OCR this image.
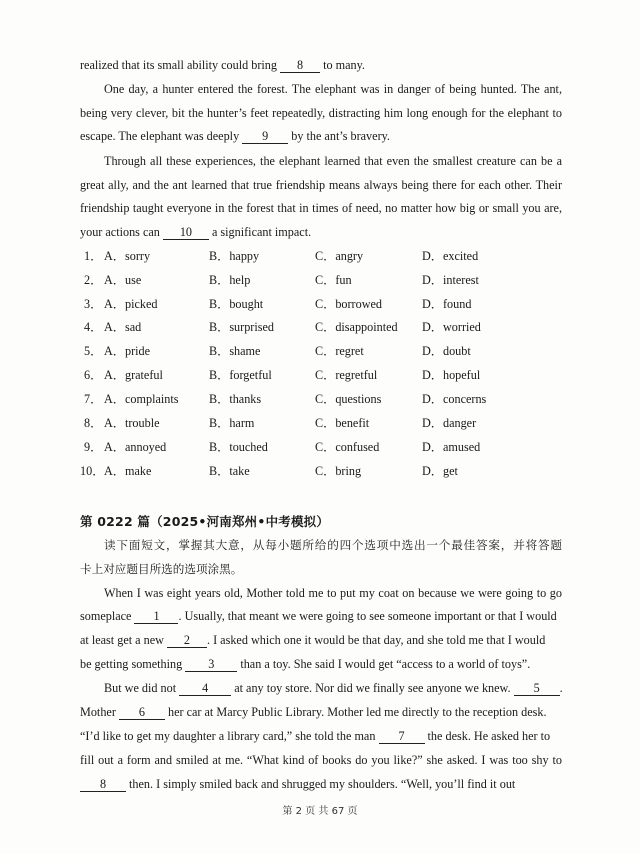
realized that its small ability could bring 8 to many.
One day, a hunter entered the forest. The elephant was in danger of being hunted. The ant,
being very clever, bit the hunter’s feet repeatedly, distracting him long enough for the elephant to
escape. The elephant was deeply 9 by the ant’s bravery.
Through all these experiences, the elephant learned that even the smallest creature can be a
great ally, and the ant learned that true friendship means always being there for each other. Their
friendship taught everyone in the forest that in times of need, no matter how big or small you are,
your actions can 10 a significant impact.
1． A．sorry	B．happy	C．angry	D．excited
2． A．use	B．help	C．fun	D．interest
3． A．picked	B．bought	C．borrowed	D．found
4． A．sad	B．surprised	C．disappointed D．worried
5． A．pride	B．shame	C．regret	D．doubt
6． A．grateful	B．forgetful	C．regretful	D．hopeful
7． A．complaints	B．thanks	C．questions	D．concerns
8． A．trouble	B．harm	C．benefit	D．danger
9． A．annoyed	B．touched	C．confused	D．amused
10． A．make	B．take	C．bring	D．get
第 0222 篇（2025•河南郑州•中考模拟）
读下面短文，掌握其大意，从每小题所给的四个选项中选出一个最佳答案，并将答题
卡上对应题目所选的选项涂黑。
When I was eight years old, Mother told me to put my coat on because we were going to go
someplace 1 . Usually, that meant we were going to see someone important or that I would
at least get a new 2 . I asked which one it would be that day, and she told me that I would
be getting something 3 than a toy. She said I would get “access to a world of toys”.
But we did not 4 at any toy store. Nor did we finally see anyone we knew. 5 .
Mother 6 her car at Marcy Public Library. Mother led me directly to the reception desk.
“I’d like to get my daughter a library card,” she told the man 7 the desk. He asked her to
fill out a form and smiled at me. “What kind of books do you like?” she asked. I was too shy to
8 then. I simply smiled back and shrugged my shoulders. “Well, you’ll find it out
第 2 页 共 67 页
